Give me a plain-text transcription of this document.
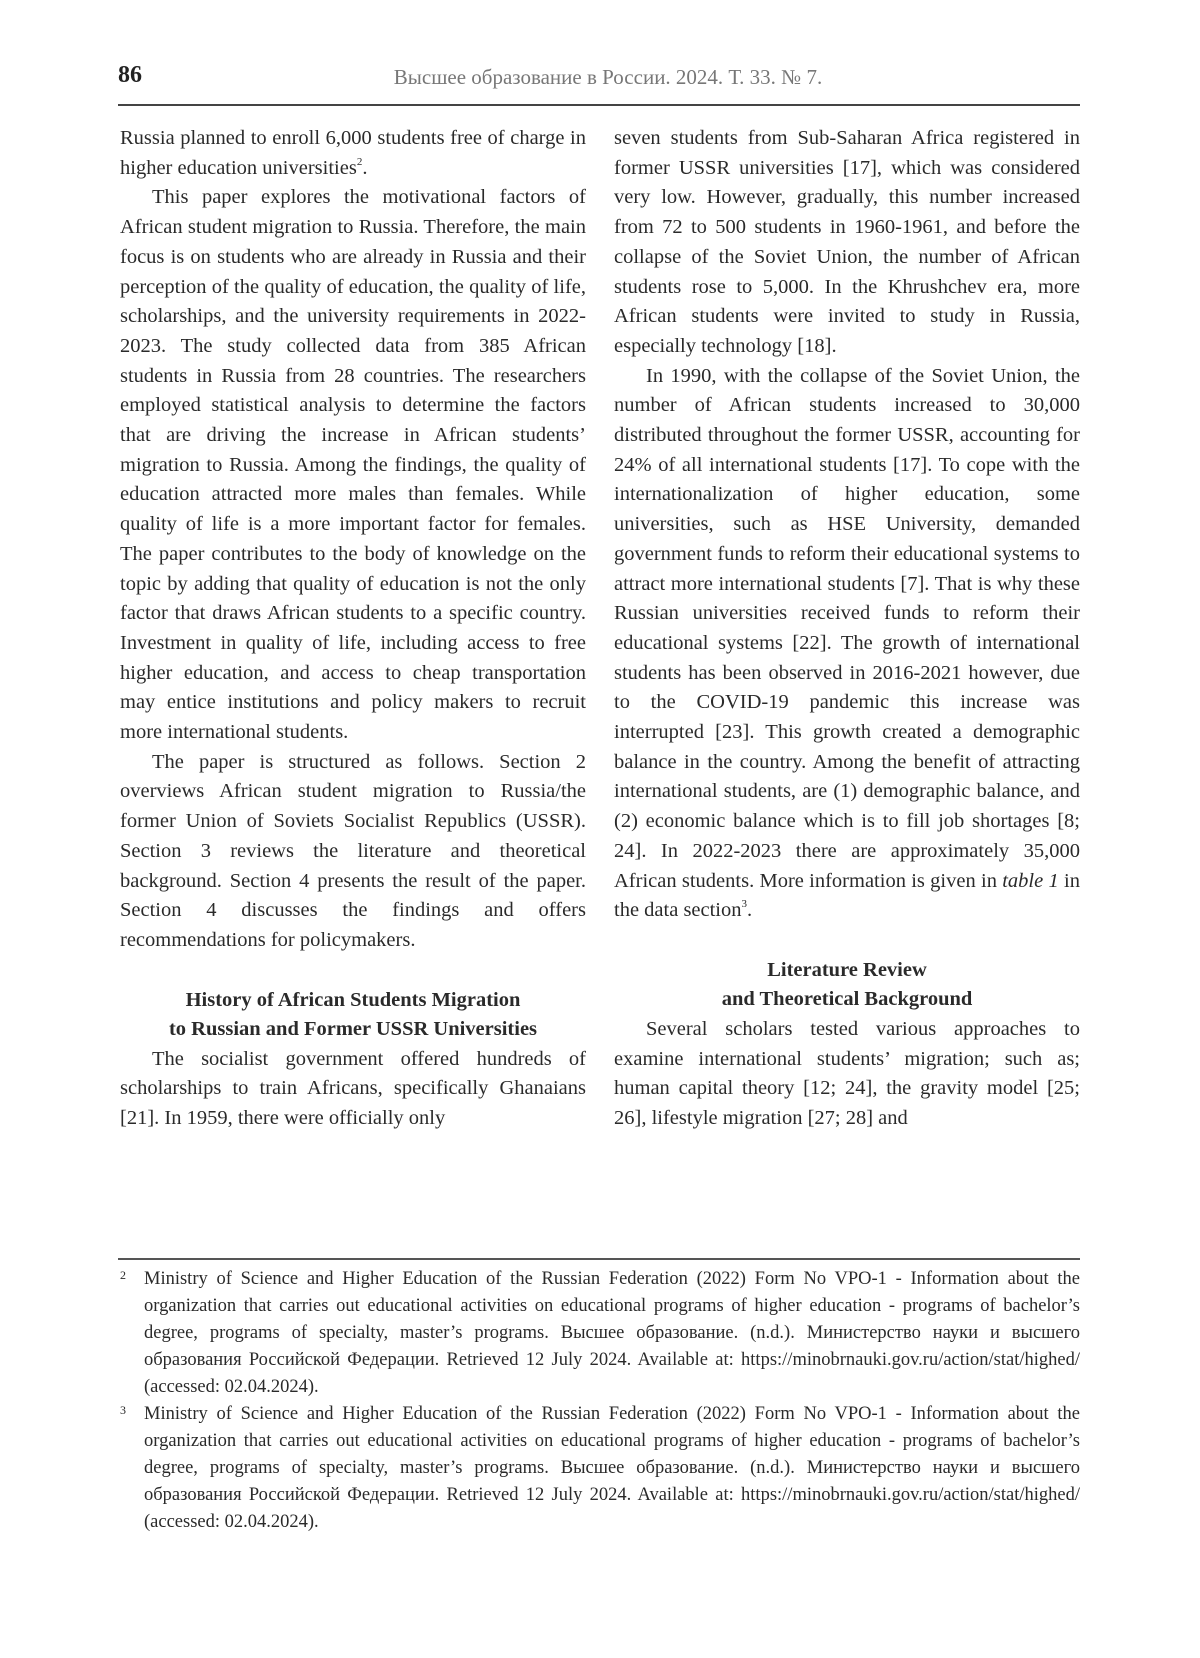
86	Высшее образование в России. 2024. Т. 33. № 7.

Russia planned to enroll 6,000 students free of charge in higher education universities$^2$.

This paper explores the motivational factors of African student migration to Russia. Therefore, the main focus is on students who are already in Russia and their perception of the quality of education, the quality of life, scholarships, and the university requirements in 2022-2023. The study collected data from 385 African students in Russia from 28 countries. The researchers employed statistical analysis to determine the factors that are driving the increase in African students’ migration to Russia. Among the findings, the quality of education attracted more males than females. While quality of life is a more important factor for females. The paper contributes to the body of knowledge on the topic by adding that quality of education is not the only factor that draws African students to a specific country. Investment in quality of life, including access to free higher education, and access to cheap transportation may entice institutions and policy makers to recruit more international students.

The paper is structured as follows. Section 2 overviews African student migration to Russia/the former Union of Soviets Socialist Republics (USSR). Section 3 reviews the literature and theoretical background. Section 4 presents the result of the paper. Section 4 discusses the findings and offers recommendations for policymakers.

History of African Students Migration
to Russian and Former USSR Universities

The socialist government offered hundreds of scholarships to train Africans, specifically Ghanaians [21]. In 1959, there were officially only

seven students from Sub-Saharan Africa registered in former USSR universities [17], which was considered very low. However, gradually, this number increased from 72 to 500 students in 1960-1961, and before the collapse of the Soviet Union, the number of African students rose to 5,000. In the Khrushchev era, more African students were invited to study in Russia, especially technology [18].

In 1990, with the collapse of the Soviet Union, the number of African students increased to 30,000 distributed throughout the former USSR, accounting for 24% of all international students [17]. To cope with the internationalization of higher education, some universities, such as HSE University, demanded government funds to reform their educational systems to attract more international students [7]. That is why these Russian universities received funds to reform their educational systems [22]. The growth of international students has been observed in 2016-2021 however, due to the COVID-19 pandemic this increase was interrupted [23]. This growth created a demographic balance in the country. Among the benefit of attracting international students, are (1) demographic balance, and (2) economic balance which is to fill job shortages [8; 24]. In 2022-2023 there are approximately 35,000 African students. More information is given in table 1 in the data section$^3$.

Literature Review
and Theoretical Background

Several scholars tested various approaches to examine international students’ migration; such as; human capital theory [12; 24], the gravity model [25; 26], lifestyle migration [27; 28] and

2 Ministry of Science and Higher Education of the Russian Federation (2022) Form No VPO-1 - Information about the organization that carries out educational activities on educational programs of higher education - programs of bachelor’s degree, programs of specialty, master’s programs. Высшее образование. (n.d.). Министерство науки и высшего образования Российской Федерации. Retrieved 12 July 2024. Available at: https://minobrnauki.gov.ru/action/stat/highed/ (accessed: 02.04.2024).
3 Ministry of Science and Higher Education of the Russian Federation (2022) Form No VPO-1 - Information about the organization that carries out educational activities on educational programs of higher education - programs of bachelor’s degree, programs of specialty, master’s programs. Высшее образование. (n.d.). Министерство науки и высшего образования Российской Федерации. Retrieved 12 July 2024. Available at: https://minobrnauki.gov.ru/action/stat/highed/ (accessed: 02.04.2024).
